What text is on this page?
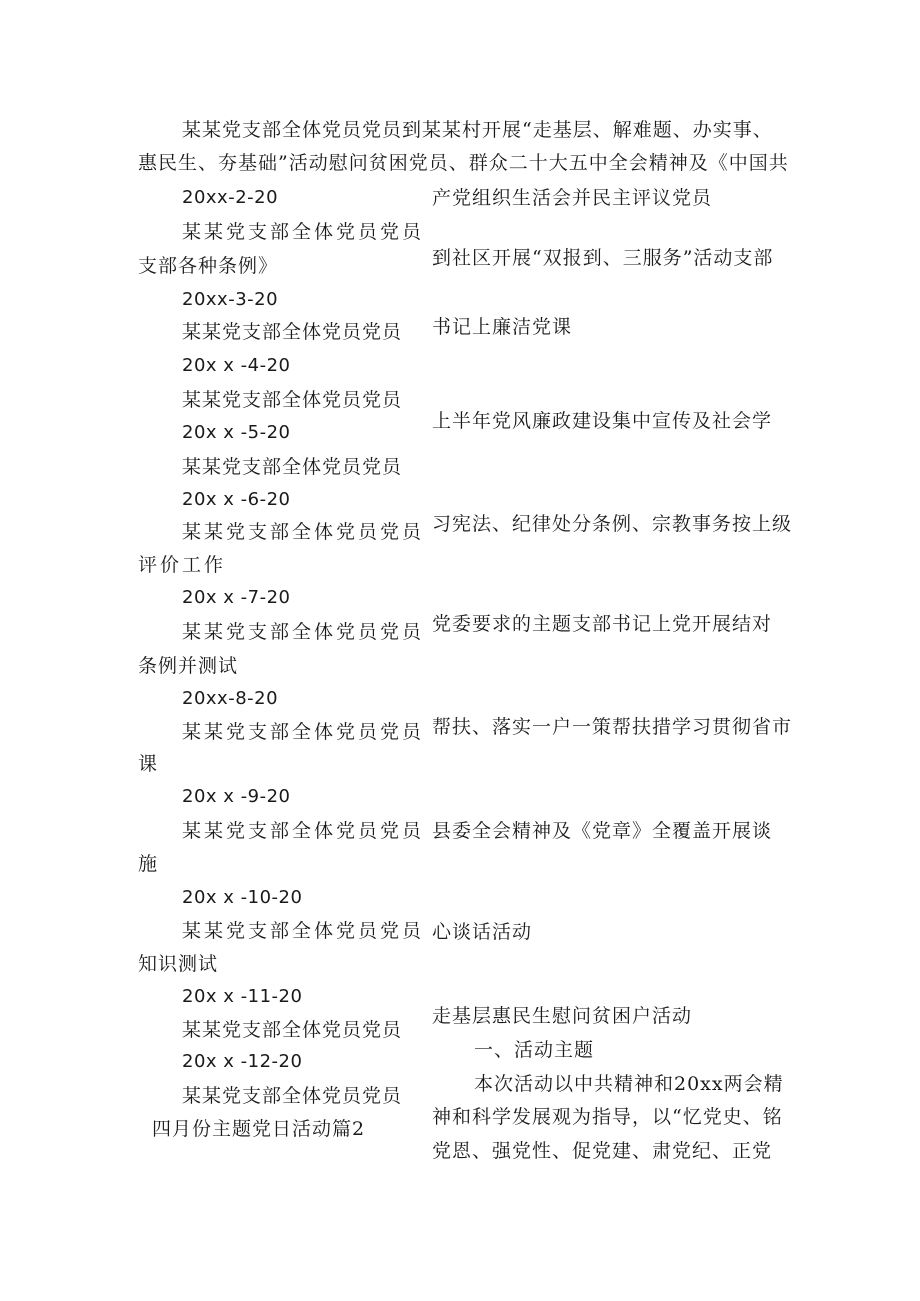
某某党支部全体党员党员到某某村开展“走基层、解难题、办实事、
惠民生、夯基础”活动慰问贫困党员、群众二十大五中全会精神及《中国共
20xx-2-20
某某党支部全体党员党员
支部各种条例》
20xx-3-20
某某党支部全体党员党员
20x x -4-20
某某党支部全体党员党员
20x x -5-20
某某党支部全体党员党员
20x x -6-20
某某党支部全体党员党员
评价工作
20x x -7-20
某某党支部全体党员党员
条例并测试
20xx-8-20
某某党支部全体党员党员
课
20x x -9-20
某某党支部全体党员党员
施
20x x -10-20
某某党支部全体党员党员
知识测试
20x x -11-20
某某党支部全体党员党员
20x x -12-20
某某党支部全体党员党员
四月份主题党日活动篇2
产党组织生活会并民主评议党员
到社区开展“双报到、三服务”活动支部
书记上廉洁党课
上半年党风廉政建设集中宣传及社会学
习宪法、纪律处分条例、宗教事务按上级
党委要求的主题支部书记上党开展结对
帮扶、落实一户一策帮扶措学习贯彻省市
县委全会精神及《党章》全覆盖开展谈
心谈话活动
走基层惠民生慰问贫困户活动
一、活动主题
本次活动以中共精神和20xx两会精
神和科学发展观为指导，以“忆党史、铭
党恩、强党性、促党建、肃党纪、正党
